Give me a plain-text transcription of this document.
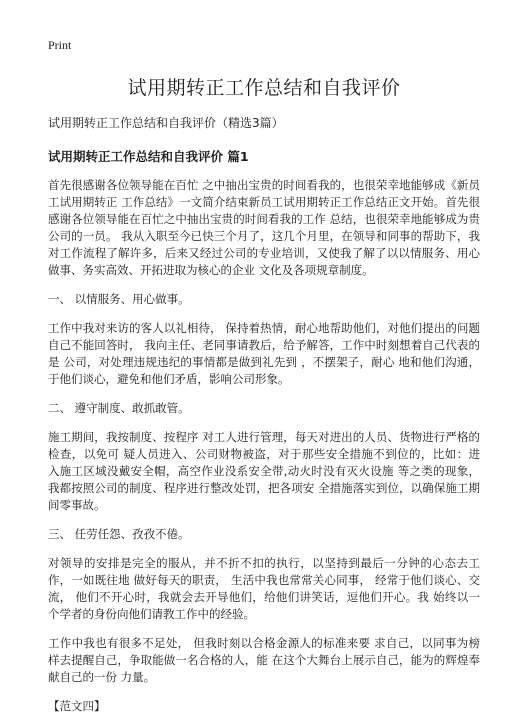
Print
试用期转正工作总结和自我评价

试用期转正工作总结和自我评价（精选3篇）

试用期转正工作总结和自我评价 篇1

首先很感谢各位领导能在百忙 之中抽出宝贵的时间看我的，也很荣幸地能够成《新员工试用期转正 工作总结》一文简介结束新员工试用期转正工作总结正文开始。首先很感谢各位领导能在百忙之中抽出宝贵的时间看我的工作 总结，也很荣幸地能够成为贵公司的一员。 我从入职至今已快三个月了，这几个月里，在领导和同事的帮助下，我对工作流程了解许多，后来又经过公司的专业培训，又使我了解了以以情服务、用心做事、务实高效、开拓进取为核心的企业 文化及各项规章制度。

一、 以情服务、用心做事。

工作中我对来访的客人以礼相待， 保持着热情，耐心地帮助他们，对他们提出的问题自己不能回答时， 我向主任、老同事请教后，给予解答，工作中时刻想着自己代表的是 公司，对处理违规违纪的事情都是做到礼先到 ，不摆架子，耐心 地和他们沟通，于他们谈心，避免和他们矛盾，影响公司形象。

二、 遵守制度、敢抓敢管。

施工期间，我按制度、按程序 对工人进行管理，每天对进出的人员、货物进行严格的检查，以免可 疑人员进入、公司财物被盗，对于那些安全措施不到位的，比如：进 入施工区域没戴安全帽，高空作业没系安全带,动火时没有灭火设施 等之类的现象，我都按照公司的制度、程序进行整改处罚，把各项安 全措施落实到位，以确保施工期间零事故。

三、 任劳任怨、孜孜不倦。

对领导的安排是完全的服从，并不折不扣的执行，以坚持到最后一分钟的心态去工作，一如既往地 做好每天的职责， 生活中我也常常关心同事， 经常于他们谈心、交流， 他们不开心时，我就会去开导他们，给他们讲笑话，逗他们开心。我 始终以一个学者的身份向他们请教工作中的经验。

工作中我也有很多不足处， 但我时刻以合格金源人的标准来要 求自己，以同事为榜样去提醒自己，争取能做一名合格的人，能 在这个大舞台上展示自己，能为的辉煌奉献自己的一份 力量。

【范文四】
